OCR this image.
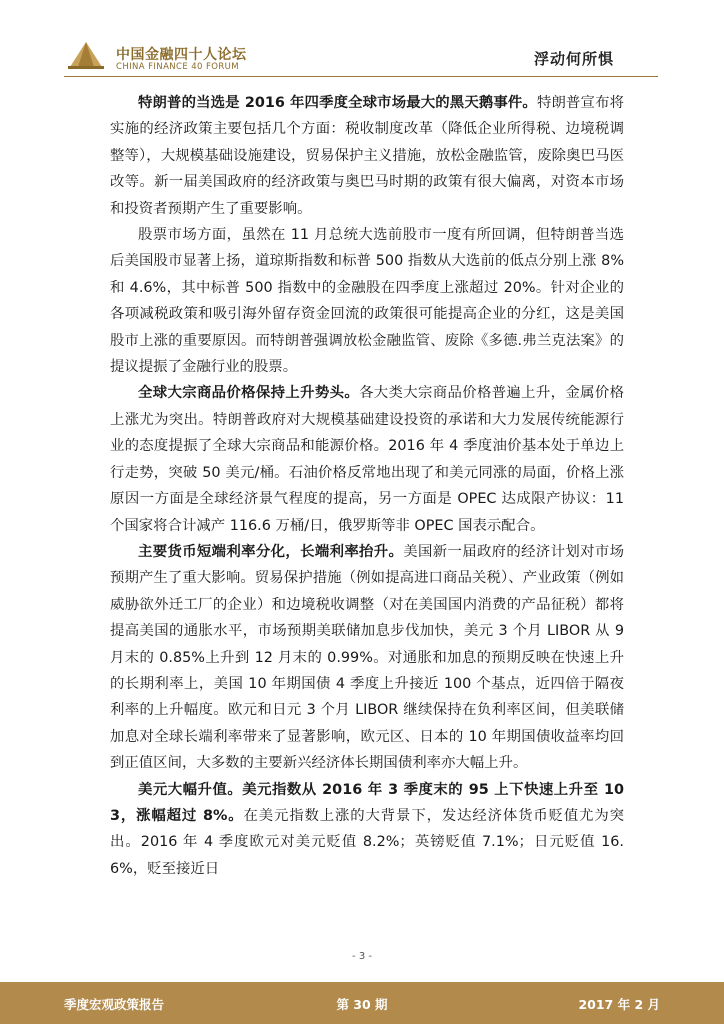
中国金融四十人论坛
CHINA FINANCE 40 FORUM	浮动何所惧

特朗普的当选是 2016 年四季度全球市场最大的黑天鹅事件。特朗普宣布将实施的经济政策主要包括几个方面：税收制度改革（降低企业所得税、边境税调整等），大规模基础设施建设，贸易保护主义措施，放松金融监管，废除奥巴马医改等。新一届美国政府的经济政策与奥巴马时期的政策有很大偏离，对资本市场和投资者预期产生了重要影响。

股票市场方面，虽然在 11 月总统大选前股市一度有所回调，但特朗普当选后美国股市显著上扬，道琼斯指数和标普 500 指数从大选前的低点分别上涨 8%和 4.6%，其中标普 500 指数中的金融股在四季度上涨超过 20%。针对企业的各项减税政策和吸引海外留存资金回流的政策很可能提高企业的分红，这是美国股市上涨的重要原因。而特朗普强调放松金融监管、废除《多德.弗兰克法案》的提议提振了金融行业的股票。

全球大宗商品价格保持上升势头。各大类大宗商品价格普遍上升，金属价格上涨尤为突出。特朗普政府对大规模基础建设投资的承诺和大力发展传统能源行业的态度提振了全球大宗商品和能源价格。2016 年 4 季度油价基本处于单边上行走势，突破 50 美元/桶。石油价格反常地出现了和美元同涨的局面，价格上涨原因一方面是全球经济景气程度的提高，另一方面是 OPEC 达成限产协议：11 个国家将合计减产 116.6 万桶/日，俄罗斯等非 OPEC 国表示配合。

主要货币短端利率分化，长端利率抬升。美国新一届政府的经济计划对市场预期产生了重大影响。贸易保护措施（例如提高进口商品关税）、产业政策（例如威胁欲外迁工厂的企业）和边境税收调整（对在美国国内消费的产品征税）都将提高美国的通胀水平，市场预期美联储加息步伐加快，美元 3 个月 LIBOR 从 9 月末的 0.85%上升到 12 月末的 0.99%。对通胀和加息的预期反映在快速上升的长期利率上，美国 10 年期国债 4 季度上升接近 100 个基点，近四倍于隔夜利率的上升幅度。欧元和日元 3 个月 LIBOR 继续保持在负利率区间，但美联储加息对全球长端利率带来了显著影响，欧元区、日本的 10 年期国债收益率均回到正值区间，大多数的主要新兴经济体长期国债利率亦大幅上升。

美元大幅升值。美元指数从 2016 年 3 季度末的 95 上下快速上升至 103，涨幅超过 8%。在美元指数上涨的大背景下，发达经济体货币贬值尤为突出。2016 年 4 季度欧元对美元贬值 8.2%；英镑贬值 7.1%；日元贬值 16.6%，贬至接近日

- 3 -
季度宏观政策报告	第 30 期	2017 年 2 月
